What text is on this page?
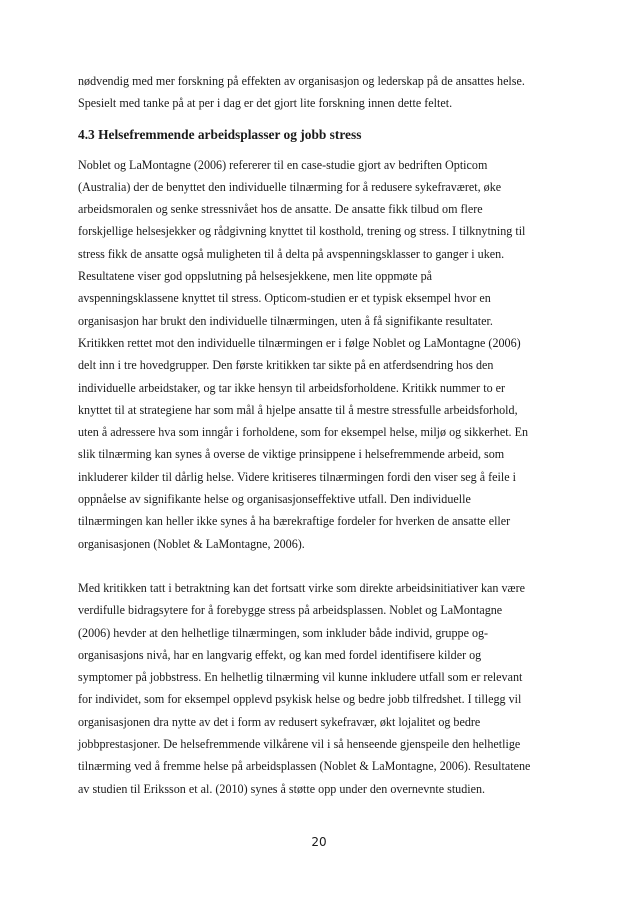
nødvendig med mer forskning på effekten av organisasjon og lederskap på de ansattes helse.
Spesielt med tanke på at per i dag er det gjort lite forskning innen dette feltet.
4.3 Helsefremmende arbeidsplasser og jobb stress
Noblet og LaMontagne (2006) refererer til en case-studie gjort av bedriften Opticom
(Australia) der de benyttet den individuelle tilnærming for å redusere sykefraværet, øke
arbeidsmoralen og senke stressnivået hos de ansatte. De ansatte fikk tilbud om flere
forskjellige helsesjekker og rådgivning knyttet til kosthold, trening og stress. I tilknytning til
stress fikk de ansatte også muligheten til å delta på avspenningsklasser to ganger i uken.
Resultatene viser god oppslutning på helsesjekkene, men lite oppmøte på
avspenningsklassene knyttet til stress. Opticom-studien er et typisk eksempel hvor en
organisasjon har brukt den individuelle tilnærmingen, uten å få signifikante resultater.
Kritikken rettet mot den individuelle tilnærmingen er i følge Noblet og LaMontagne (2006)
delt inn i tre hovedgrupper. Den første kritikken tar sikte på en atferdsendring hos den
individuelle arbeidstaker, og tar ikke hensyn til arbeidsforholdene. Kritikk nummer to er
knyttet til at strategiene har som mål å hjelpe ansatte til å mestre stressfulle arbeidsforhold,
uten å adressere hva som inngår i forholdene, som for eksempel helse, miljø og sikkerhet. En
slik tilnærming kan synes å overse de viktige prinsippene i helsefremmende arbeid, som
inkluderer kilder til dårlig helse. Videre kritiseres tilnærmingen fordi den viser seg å feile i
oppnåelse av signifikante helse og organisasjonseffektive utfall. Den individuelle
tilnærmingen kan heller ikke synes å ha bærekraftige fordeler for hverken de ansatte eller
organisasjonen (Noblet & LaMontagne, 2006).
Med kritikken tatt i betraktning kan det fortsatt virke som direkte arbeidsinitiativer kan være
verdifulle bidragsytere for å forebygge stress på arbeidsplassen. Noblet og LaMontagne
(2006) hevder at den helhetlige tilnærmingen, som inkluder både individ, gruppe og-
organisasjons nivå, har en langvarig effekt, og kan med fordel identifisere kilder og
symptomer på jobbstress. En helhetlig tilnærming vil kunne inkludere utfall som er relevant
for individet, som for eksempel opplevd psykisk helse og bedre jobb tilfredshet. I tillegg vil
organisasjonen dra nytte av det i form av redusert sykefravær, økt lojalitet og bedre
jobbprestasjoner. De helsefremmende vilkårene vil i så henseende gjenspeile den helhetlige
tilnærming ved å fremme helse på arbeidsplassen (Noblet & LaMontagne, 2006). Resultatene
av studien til Eriksson et al. (2010) synes å støtte opp under den overnevnte studien.
20
